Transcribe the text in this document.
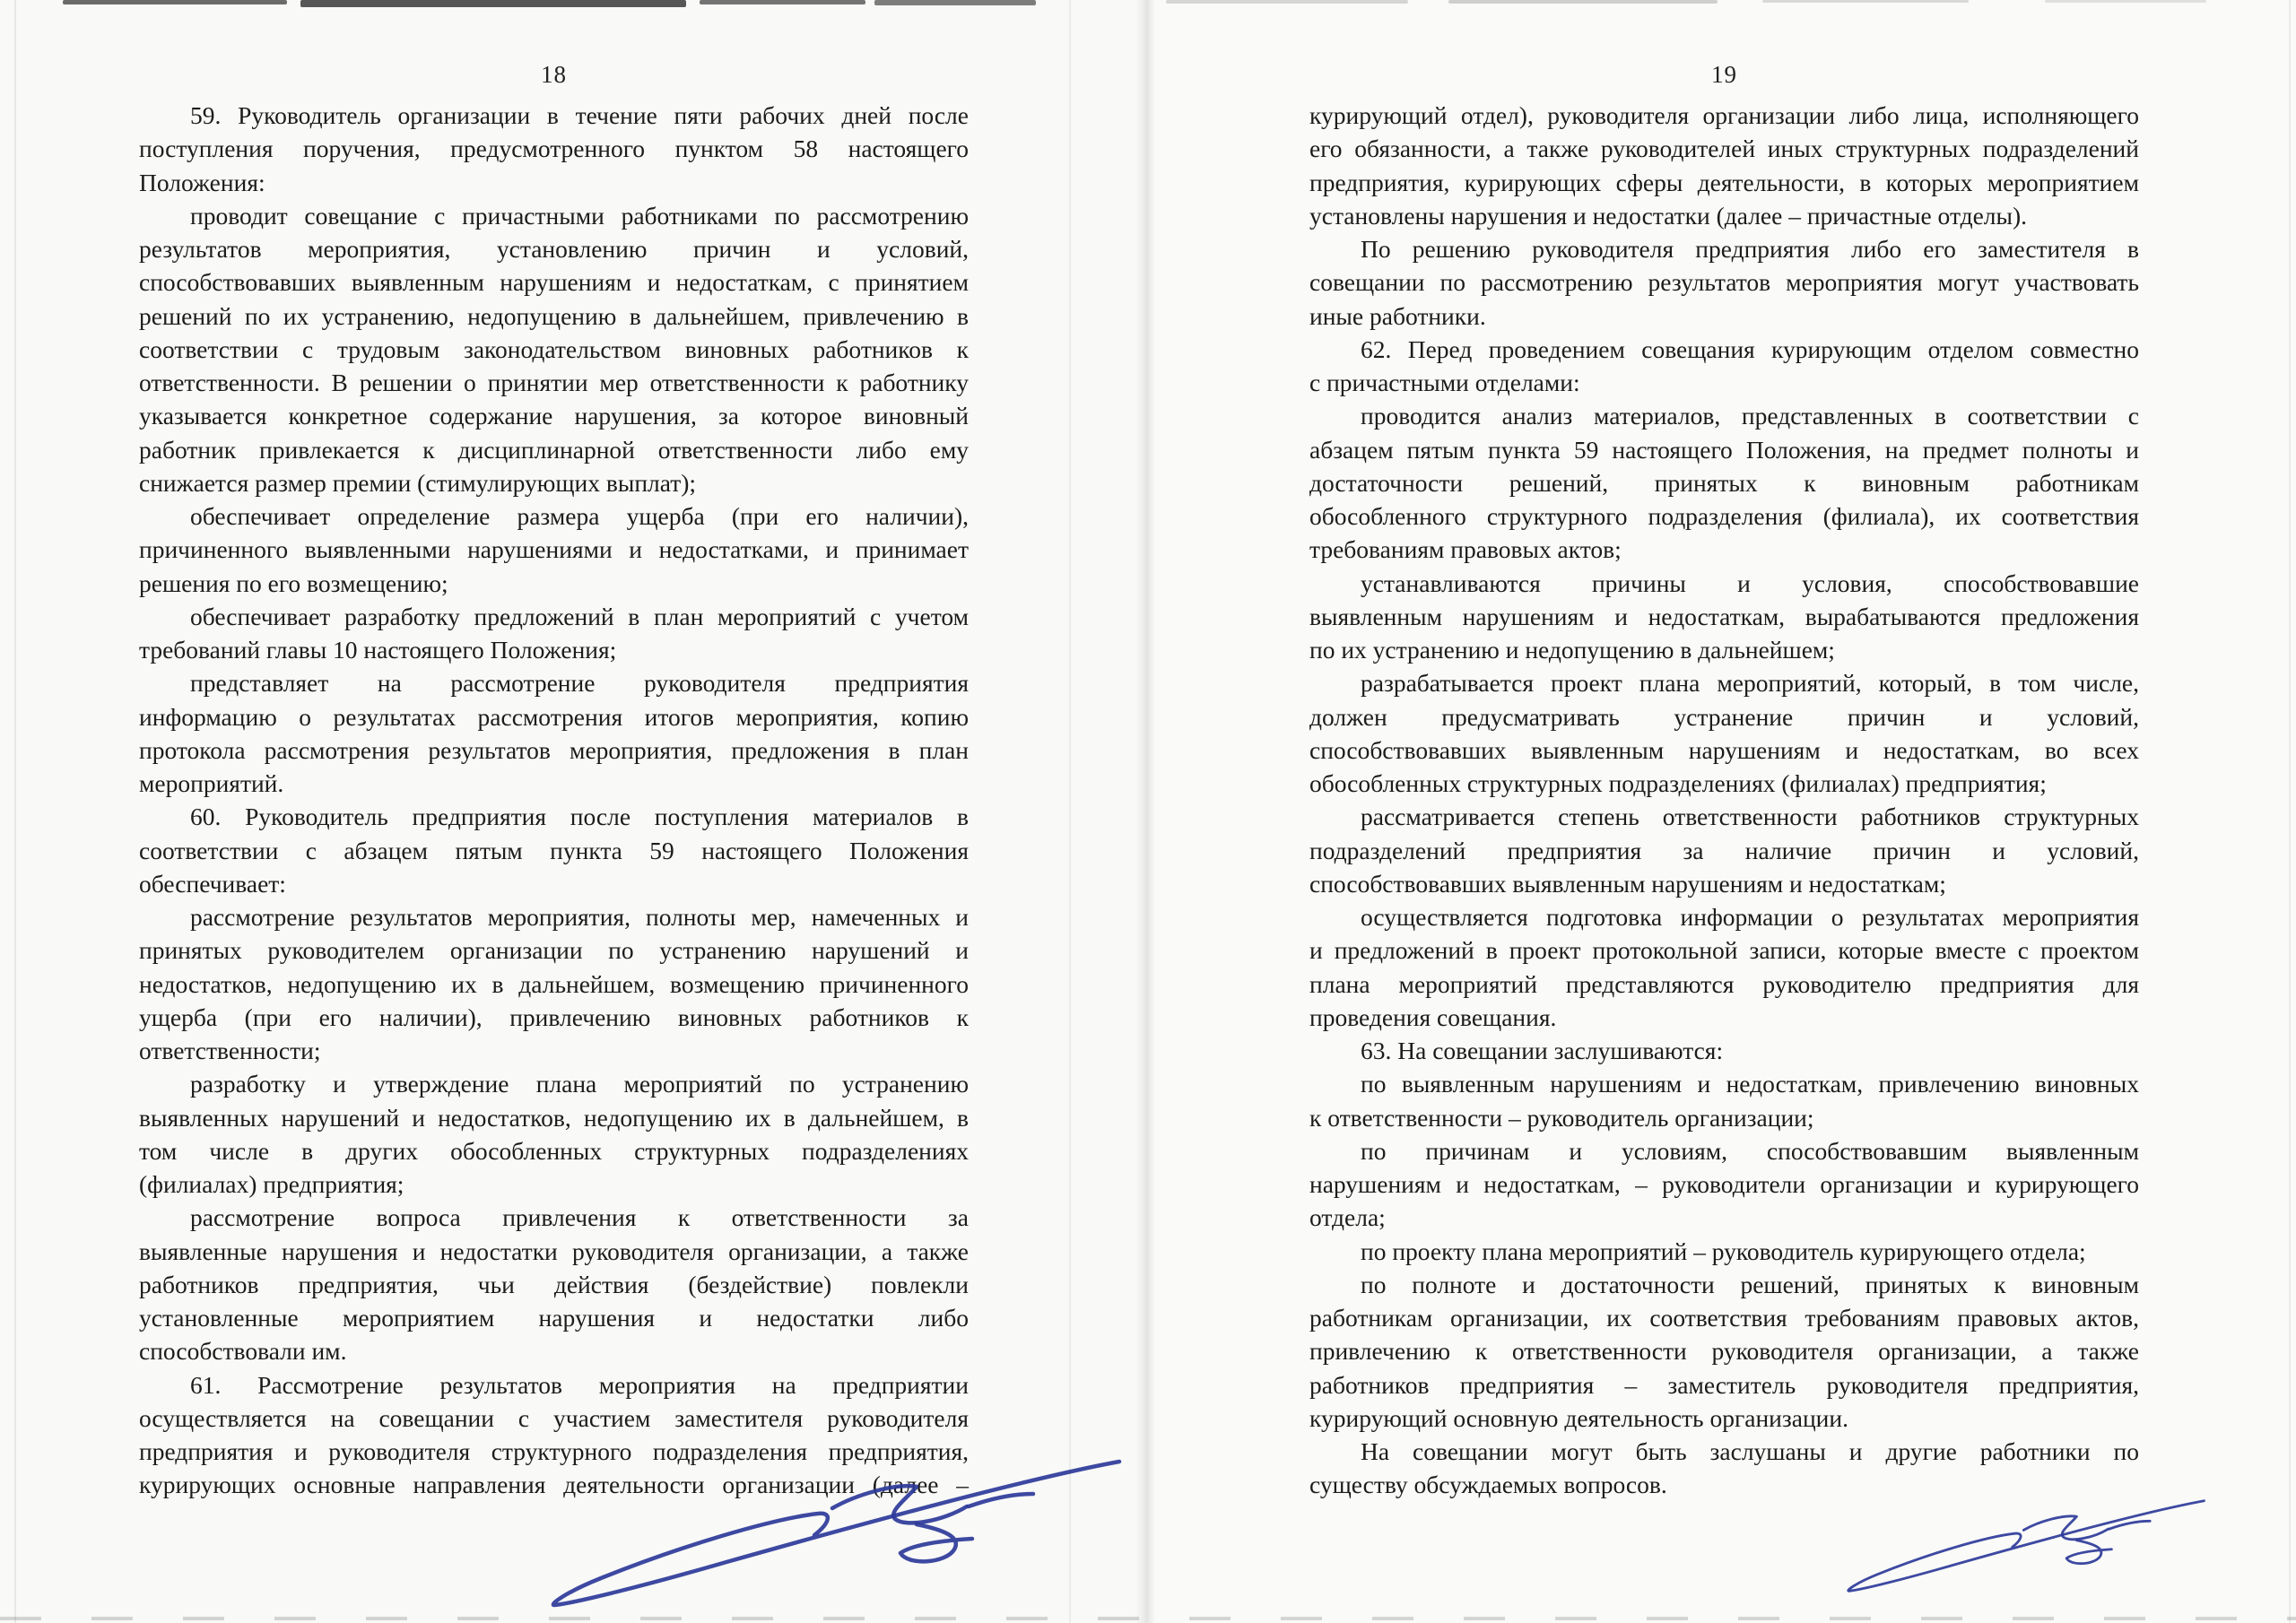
18
59. Руководитель организации в течение пяти рабочих дней после
поступления поручения, предусмотренного пунктом 58 настоящего
Положения:
проводит совещание с причастными работниками по рассмотрению
результатов мероприятия, установлению причин и условий,
способствовавших выявленным нарушениям и недостаткам, с принятием
решений по их устранению, недопущению в дальнейшем, привлечению в
соответствии с трудовым законодательством виновных работников к
ответственности. В решении о принятии мер ответственности к работнику
указывается конкретное содержание нарушения, за которое виновный
работник привлекается к дисциплинарной ответственности либо ему
снижается размер премии (стимулирующих выплат);
обеспечивает определение размера ущерба (при его наличии),
причиненного выявленными нарушениями и недостатками, и принимает
решения по его возмещению;
обеспечивает разработку предложений в план мероприятий с учетом
требований главы 10 настоящего Положения;
представляет на рассмотрение руководителя предприятия
информацию о результатах рассмотрения итогов мероприятия, копию
протокола рассмотрения результатов мероприятия, предложения в план
мероприятий.
60. Руководитель предприятия после поступления материалов в
соответствии с абзацем пятым пункта 59 настоящего Положения
обеспечивает:
рассмотрение результатов мероприятия, полноты мер, намеченных и
принятых руководителем организации по устранению нарушений и
недостатков, недопущению их в дальнейшем, возмещению причиненного
ущерба (при его наличии), привлечению виновных работников к
ответственности;
разработку и утверждение плана мероприятий по устранению
выявленных нарушений и недостатков, недопущению их в дальнейшем, в
том числе в других обособленных структурных подразделениях
(филиалах) предприятия;
рассмотрение вопроса привлечения к ответственности за
выявленные нарушения и недостатки руководителя организации, а также
работников предприятия, чьи действия (бездействие) повлекли
установленные мероприятием нарушения и недостатки либо
способствовали им.
61. Рассмотрение результатов мероприятия на предприятии
осуществляется на совещании с участием заместителя руководителя
предприятия и руководителя структурного подразделения предприятия,
курирующих основные направления деятельности организации (далее –
19
курирующий отдел), руководителя организации либо лица, исполняющего
его обязанности, а также руководителей иных структурных подразделений
предприятия, курирующих сферы деятельности, в которых мероприятием
установлены нарушения и недостатки (далее – причастные отделы).
По решению руководителя предприятия либо его заместителя в
совещании по рассмотрению результатов мероприятия могут участвовать
иные работники.
62. Перед проведением совещания курирующим отделом совместно
с причастными отделами:
проводится анализ материалов, представленных в соответствии с
абзацем пятым пункта 59 настоящего Положения, на предмет полноты и
достаточности решений, принятых к виновным работникам
обособленного структурного подразделения (филиала), их соответствия
требованиям правовых актов;
устанавливаются причины и условия, способствовавшие
выявленным нарушениям и недостаткам, вырабатываются предложения
по их устранению и недопущению в дальнейшем;
разрабатывается проект плана мероприятий, который, в том числе,
должен предусматривать устранение причин и условий,
способствовавших выявленным нарушениям и недостаткам, во всех
обособленных структурных подразделениях (филиалах) предприятия;
рассматривается степень ответственности работников структурных
подразделений предприятия за наличие причин и условий,
способствовавших выявленным нарушениям и недостаткам;
осуществляется подготовка информации о результатах мероприятия
и предложений в проект протокольной записи, которые вместе с проектом
плана мероприятий представляются руководителю предприятия для
проведения совещания.
63. На совещании заслушиваются:
по выявленным нарушениям и недостаткам, привлечению виновных
к ответственности – руководитель организации;
по причинам и условиям, способствовавшим выявленным
нарушениям и недостаткам, – руководители организации и курирующего
отдела;
по проекту плана мероприятий – руководитель курирующего отдела;
по полноте и достаточности решений, принятых к виновным
работникам организации, их соответствия требованиям правовых актов,
привлечению к ответственности руководителя организации, а также
работников предприятия – заместитель руководителя предприятия,
курирующий основную деятельность организации.
На совещании могут быть заслушаны и другие работники по
существу обсуждаемых вопросов.
